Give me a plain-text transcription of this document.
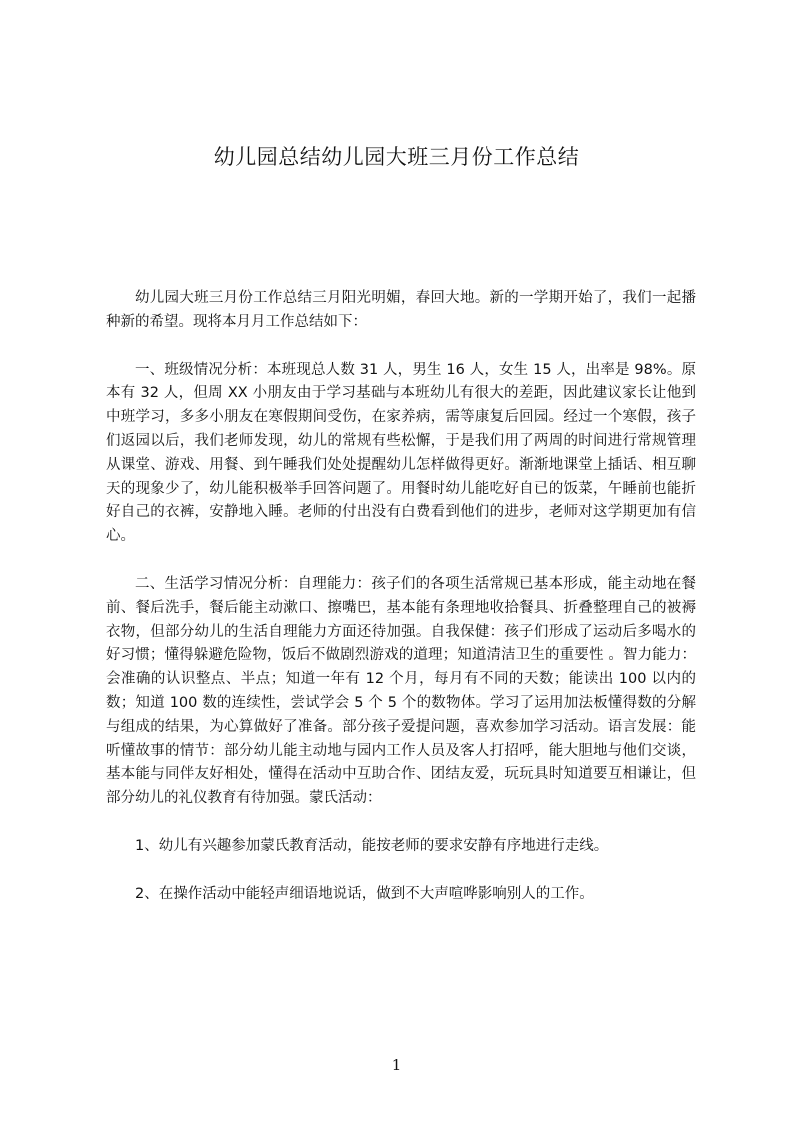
幼儿园总结幼儿园大班三月份工作总结

幼儿园大班三月份工作总结三月阳光明媚，春回大地。新的一学期开始了，我们一起播种新的希望。现将本月月工作总结如下：

一、班级情况分析：本班现总人数 31 人，男生 16 人，女生 15 人，出率是 98%。原本有 32 人，但周 XX 小朋友由于学习基础与本班幼儿有很大的差距，因此建议家长让他到中班学习，多多小朋友在寒假期间受伤，在家养病，需等康复后回园。经过一个寒假，孩子们返园以后，我们老师发现，幼儿的常规有些松懈，于是我们用了两周的时间进行常规管理从课堂、游戏、用餐、到午睡我们处处提醒幼儿怎样做得更好。渐渐地课堂上插话、相互聊天的现象少了，幼儿能积极举手回答问题了。用餐时幼儿能吃好自已的饭菜，午睡前也能折好自己的衣裤，安静地入睡。老师的付出没有白费看到他们的进步，老师对这学期更加有信心。

二、生活学习情况分析：自理能力：孩子们的各项生活常规已基本形成，能主动地在餐前、餐后洗手，餐后能主动漱口、擦嘴巴，基本能有条理地收拾餐具、折叠整理自己的被褥衣物，但部分幼儿的生活自理能力方面还待加强。自我保健：孩子们形成了运动后多喝水的好习惯；懂得躲避危险物，饭后不做剧烈游戏的道理；知道清洁卫生的重要性 。智力能力：会准确的认识整点、半点；知道一年有 12 个月，每月有不同的天数；能读出 100 以内的数；知道 100 数的连续性，尝试学会 5 个 5 个的数物体。学习了运用加法板懂得数的分解与组成的结果，为心算做好了准备。部分孩子爱提问题，喜欢参加学习活动。语言发展：能听懂故事的情节：部分幼儿能主动地与园内工作人员及客人打招呼，能大胆地与他们交谈，基本能与同伴友好相处，懂得在活动中互助合作、团结友爱，玩玩具时知道要互相谦让，但部分幼儿的礼仪教育有待加强。蒙氏活动：

1、幼儿有兴趣参加蒙氏教育活动，能按老师的要求安静有序地进行走线。

2、在操作活动中能轻声细语地说话，做到不大声喧哗影响别人的工作。

1
